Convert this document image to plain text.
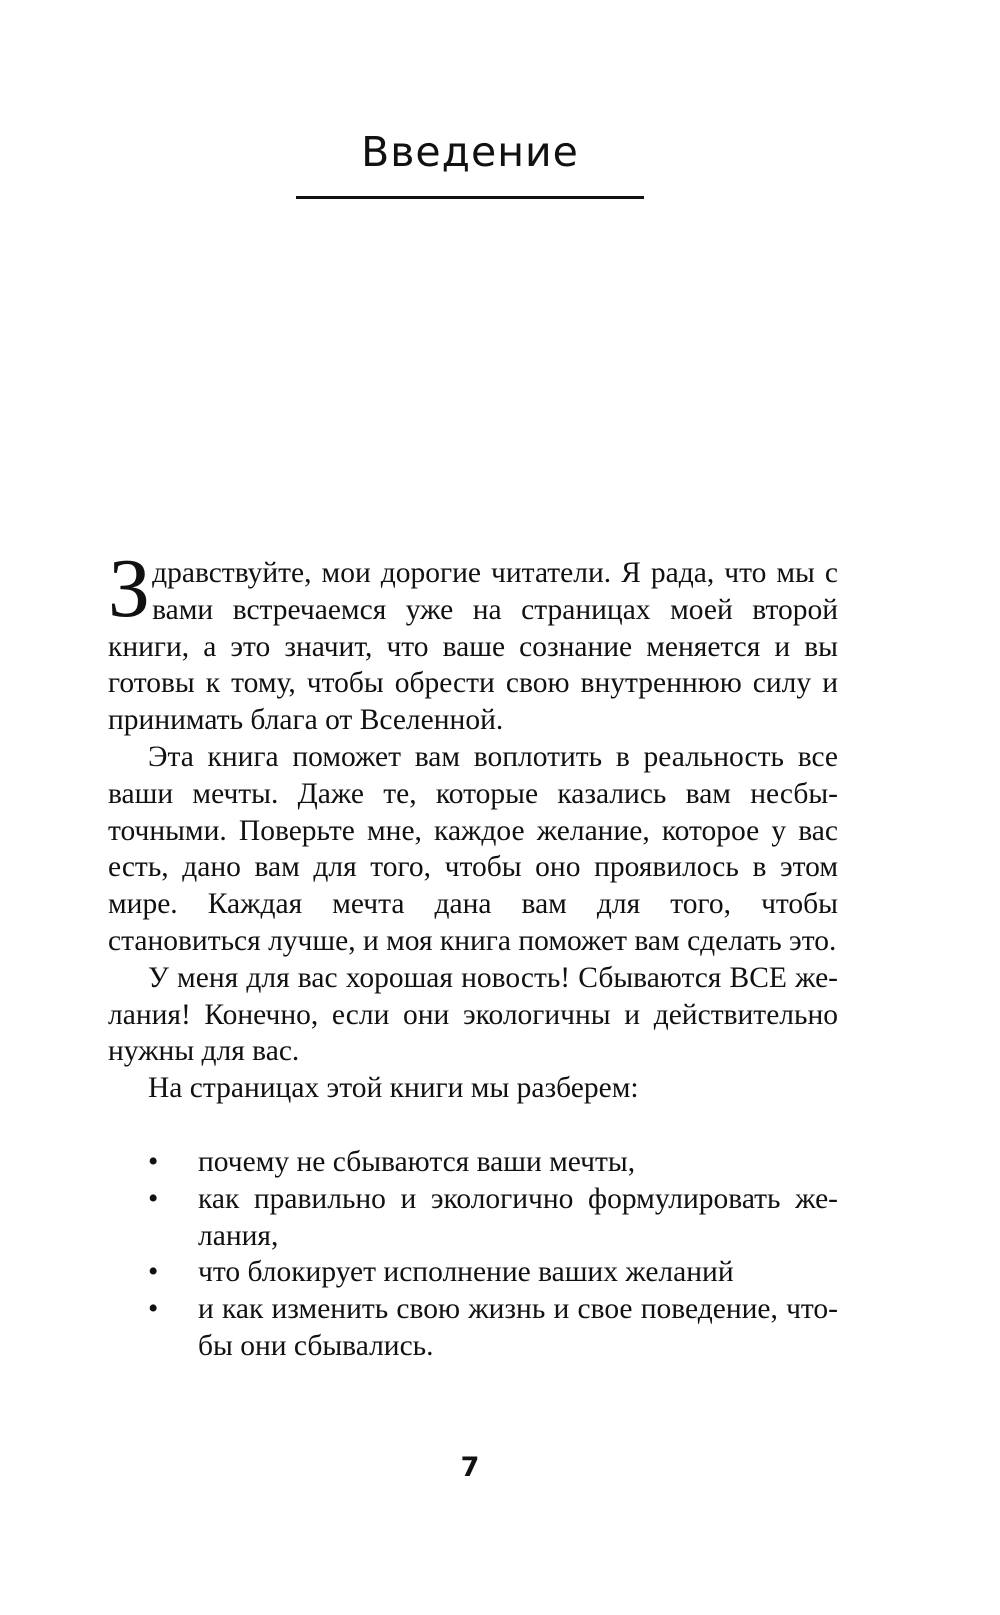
Введение

Здравствуйте, мои дорогие читатели. Я рада, что мы с вами встречаемся уже на страницах моей второй книги, а это значит, что ваше сознание меняется и вы готовы к тому, чтобы обрести свою внутреннюю силу и принимать блага от Вселенной.

Эта книга поможет вам воплотить в реальность все ваши мечты. Даже те, которые казались вам несбыточными. Поверьте мне, каждое желание, которое у вас есть, дано вам для того, чтобы оно проявилось в этом мире. Каждая мечта дана вам для того, чтобы становиться лучше, и моя книга поможет вам сделать это.

У меня для вас хорошая новость! Сбываются ВСЕ желания! Конечно, если они экологичны и действительно нужны для вас.

На страницах этой книги мы разберем:

• почему не сбываются ваши мечты,
• как правильно и экологично формулировать желания,
• что блокирует исполнение ваших желаний
• и как изменить свою жизнь и свое поведение, чтобы они сбывались.
7
